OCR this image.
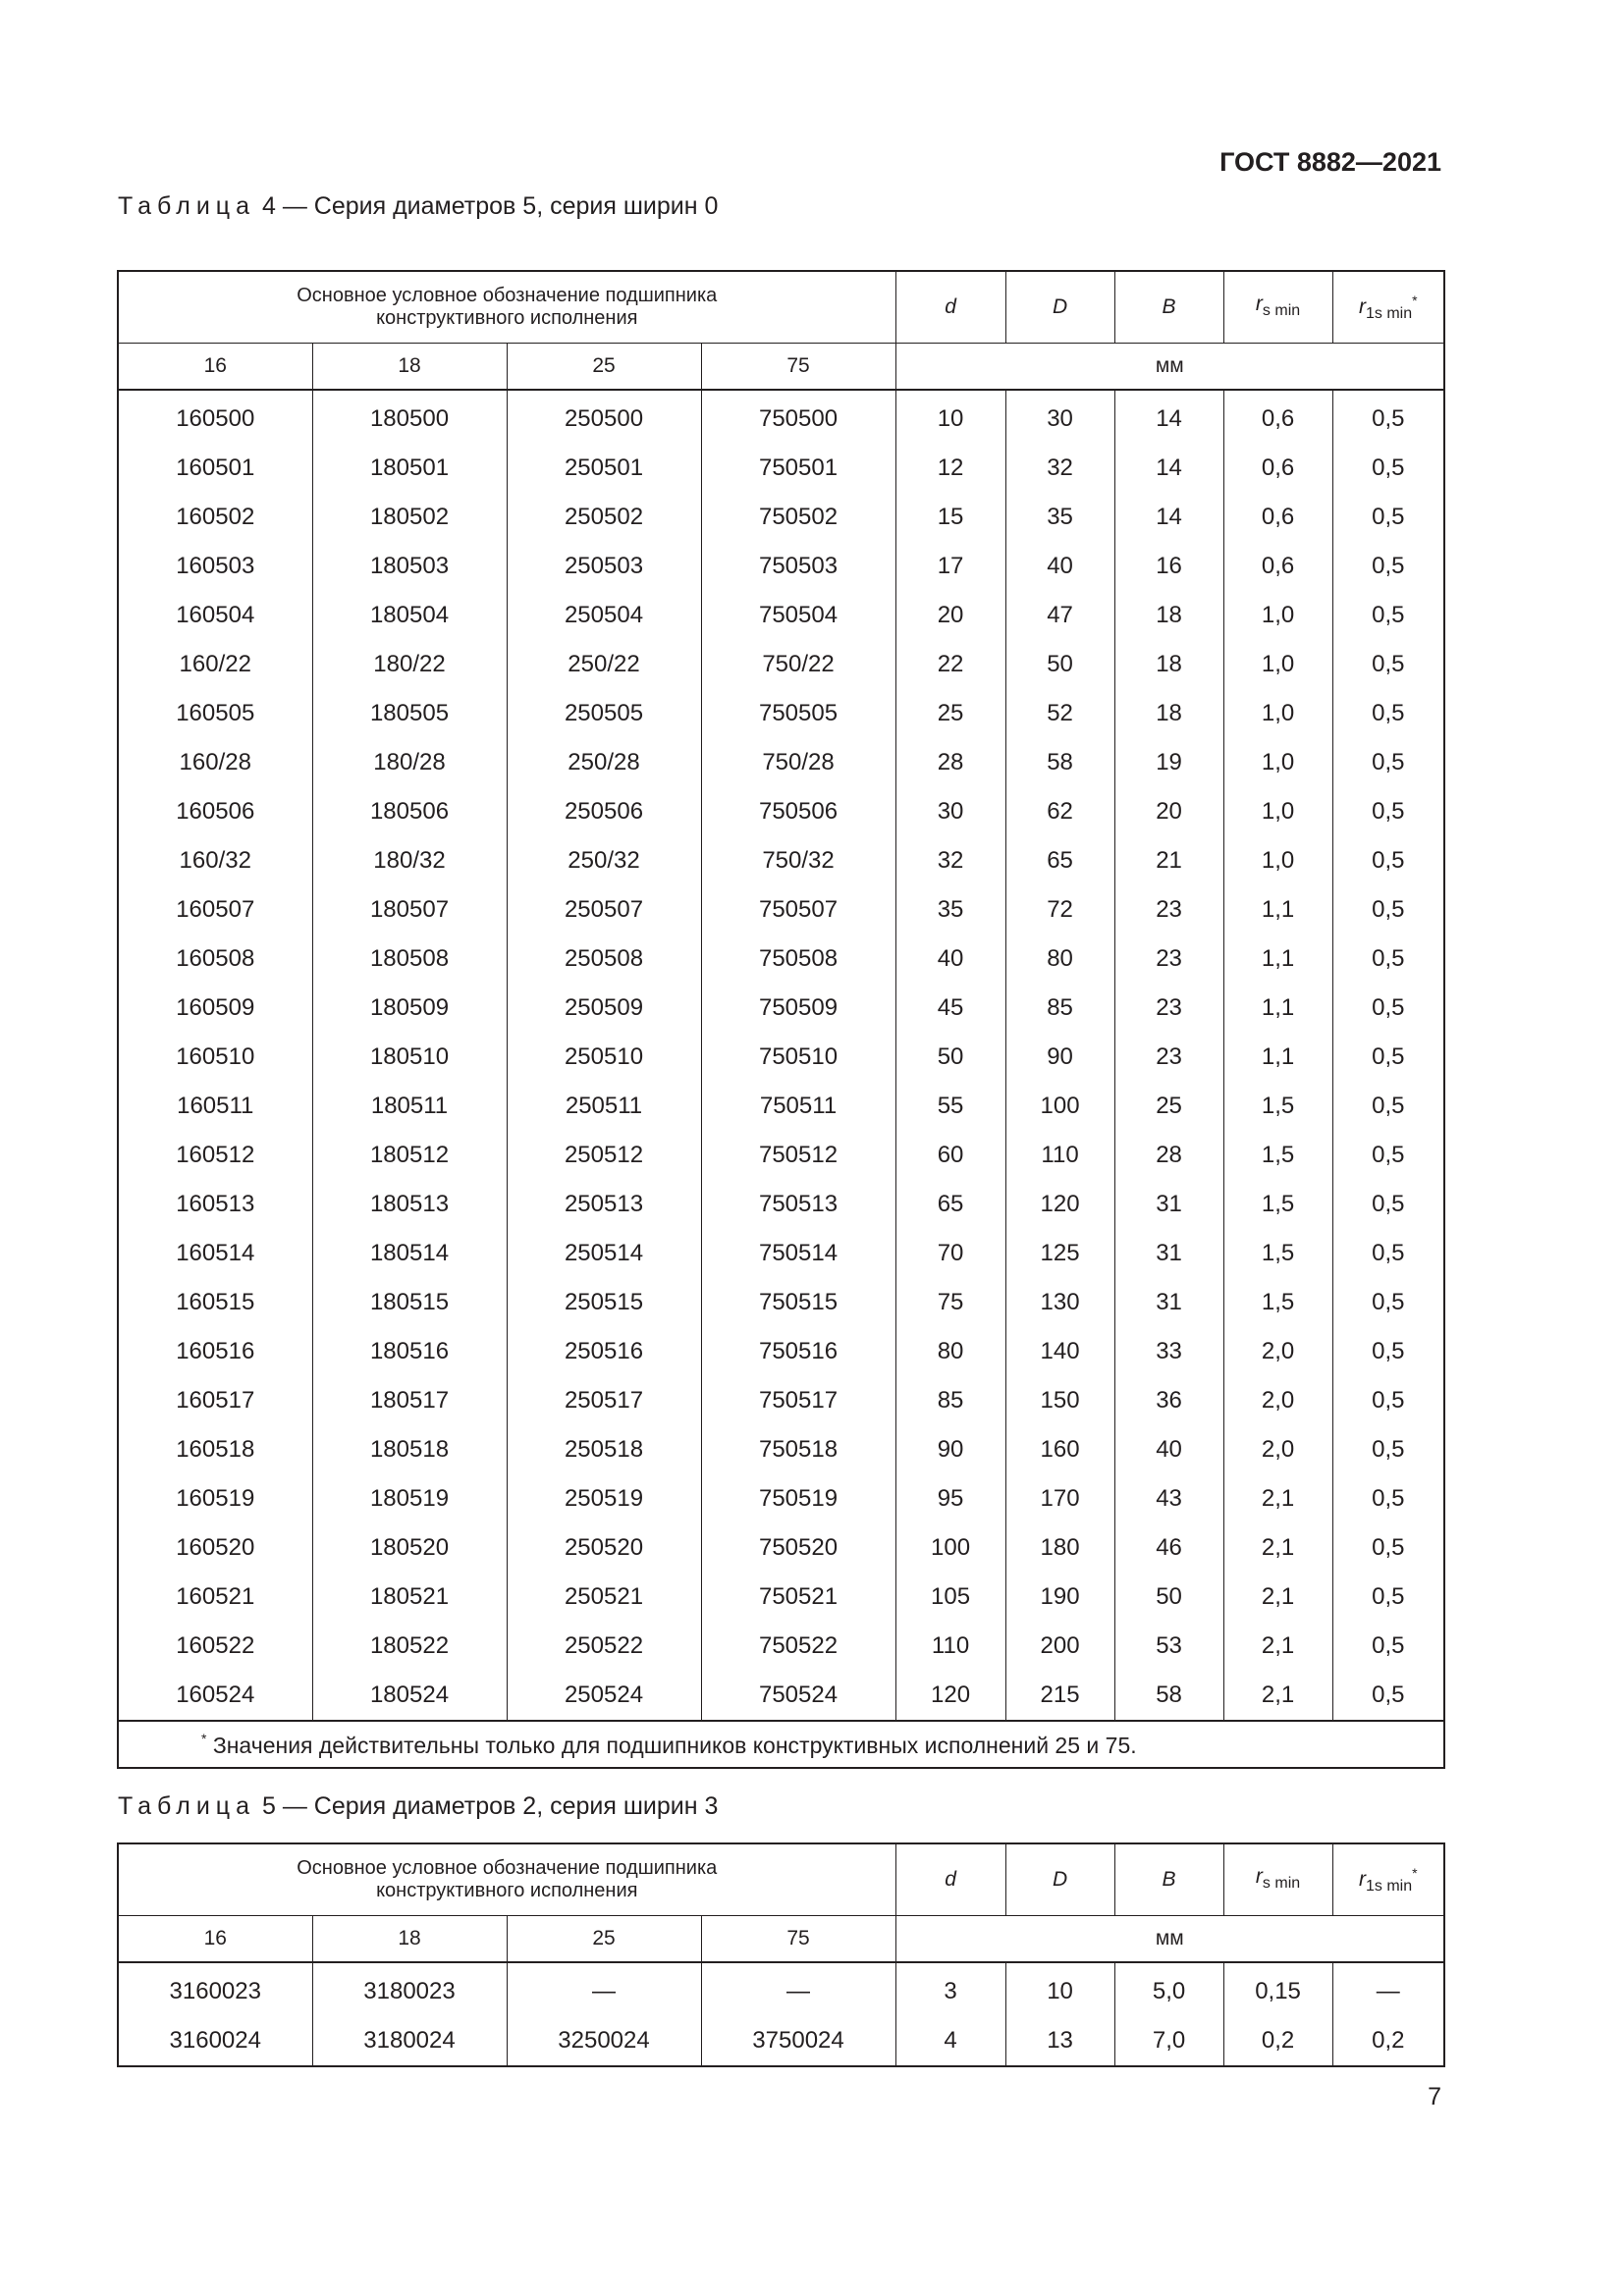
ГОСТ 8882—2021
Таблица 4 — Серия диаметров 5, серия ширин 0
Основное условное обозначение подшипника
конструктивного исполнения				d	D	B	$r_{s min}$	$r_{1s min}^*$
16	18	25	75	мм				
160500	180500	250500	750500	10	30	14	0,6	0,5
160501	180501	250501	750501	12	32	14	0,6	0,5
160502	180502	250502	750502	15	35	14	0,6	0,5
160503	180503	250503	750503	17	40	16	0,6	0,5
160504	180504	250504	750504	20	47	18	1,0	0,5
160/22	180/22	250/22	750/22	22	50	18	1,0	0,5
160505	180505	250505	750505	25	52	18	1,0	0,5
160/28	180/28	250/28	750/28	28	58	19	1,0	0,5
160506	180506	250506	750506	30	62	20	1,0	0,5
160/32	180/32	250/32	750/32	32	65	21	1,0	0,5
160507	180507	250507	750507	35	72	23	1,1	0,5
160508	180508	250508	750508	40	80	23	1,1	0,5
160509	180509	250509	750509	45	85	23	1,1	0,5
160510	180510	250510	750510	50	90	23	1,1	0,5
160511	180511	250511	750511	55	100	25	1,5	0,5
160512	180512	250512	750512	60	110	28	1,5	0,5
160513	180513	250513	750513	65	120	31	1,5	0,5
160514	180514	250514	750514	70	125	31	1,5	0,5
160515	180515	250515	750515	75	130	31	1,5	0,5
160516	180516	250516	750516	80	140	33	2,0	0,5
160517	180517	250517	750517	85	150	36	2,0	0,5
160518	180518	250518	750518	90	160	40	2,0	0,5
160519	180519	250519	750519	95	170	43	2,1	0,5
160520	180520	250520	750520	100	180	46	2,1	0,5
160521	180521	250521	750521	105	190	50	2,1	0,5
160522	180522	250522	750522	110	200	53	2,1	0,5
160524	180524	250524	750524	120	215	58	2,1	0,5
* Значения действительны только для подшипников конструктивных исполнений 25 и 75.								
Таблица 5 — Серия диаметров 2, серия ширин 3
Основное условное обозначение подшипника
конструктивного исполнения				d	D	B	$r_{s min}$	$r_{1s min}^*$
16	18	25	75	мм				
3160023	3180023	—	—	3	10	5,0	0,15	—
3160024	3180024	3250024	3750024	4	13	7,0	0,2	0,2
7
